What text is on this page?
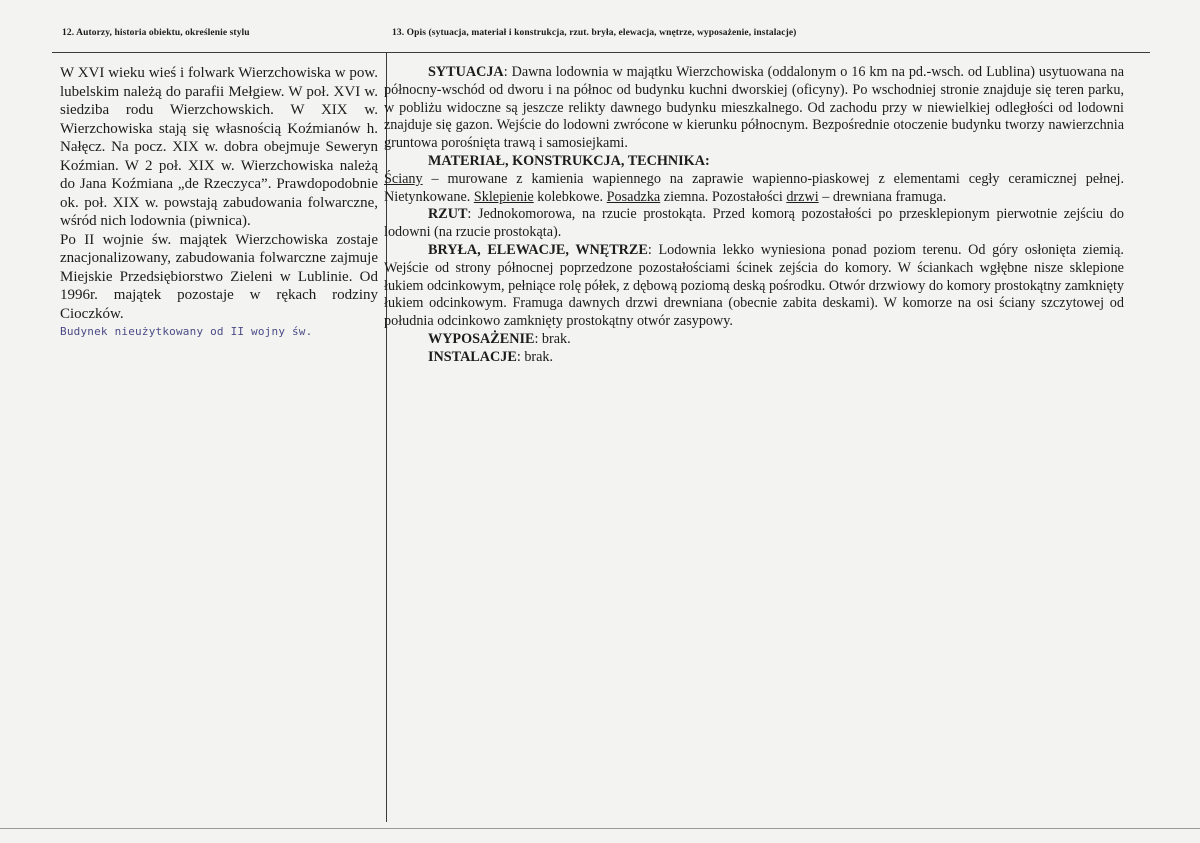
12. Autorzy, historia obiektu, określenie stylu	13. Opis (sytuacja, materiał i konstrukcja, rzut. bryła, elewacja, wnętrze, wyposażenie, instalacje)

W XVI wieku wieś i folwark Wierzchowiska w pow. lubelskim należą do parafii Mełgiew. W poł. XVI w. siedziba rodu Wierzchowskich. W XIX w. Wierzchowiska stają się własnością Koźmianów h. Nałęcz. Na pocz. XIX w. dobra obejmuje Seweryn Koźmian. W 2 poł. XIX w. Wierzchowiska należą do Jana Koźmiana „de Rzeczyca”. Prawdopodobnie ok. poł. XIX w. powstają zabudowania folwarczne, wśród nich lodownia (piwnica).

Po II wojnie św. majątek Wierzchowiska zostaje znacjonalizowany, zabudowania folwarczne zajmuje Miejskie Przedsiębiorstwo Zieleni w Lublinie. Od 1996r. majątek pozostaje w rękach rodziny Cioczków.

Budynek nieużytkowany od II wojny św.

SYTUACJA: Dawna lodownia w majątku Wierzchowiska (oddalonym o 16 km na pd.-wsch. od Lublina) usytuowana na północny-wschód od dworu i na północ od budynku kuchni dworskiej (oficyny). Po wschodniej stronie znajduje się teren parku, w pobliżu widoczne są jeszcze relikty dawnego budynku mieszkalnego. Od zachodu przy w niewielkiej odległości od lodowni znajduje się gazon. Wejście do lodowni zwrócone w kierunku północnym. Bezpośrednie otoczenie budynku tworzy nawierzchnia gruntowa porośnięta trawą i samosiejkami.

MATERIAŁ, KONSTRUKCJA, TECHNIKA:

Ściany – murowane z kamienia wapiennego na zaprawie wapienno-piaskowej z elementami cegły ceramicznej pełnej. Nietynkowane. Sklepienie kolebkowe. Posadzka ziemna. Pozostałości drzwi – drewniana framuga.

RZUT: Jednokomorowa, na rzucie prostokąta. Przed komorą pozostałości po przesklepionym pierwotnie zejściu do lodowni (na rzucie prostokąta).

BRYŁA, ELEWACJE, WNĘTRZE: Lodownia lekko wyniesiona ponad poziom terenu. Od góry osłonięta ziemią. Wejście od strony północnej poprzedzone pozostałościami ścinek zejścia do komory. W ściankach wgłębne nisze sklepione łukiem odcinkowym, pełniące rolę półek, z dębową poziomą deską pośrodku. Otwór drzwiowy do komory prostokątny zamknięty łukiem odcinkowym. Framuga dawnych drzwi drewniana (obecnie zabita deskami). W komorze na osi ściany szczytowej od południa odcinkowo zamknięty prostokątny otwór zasypowy.

WYPOSAŻENIE: brak.

INSTALACJE: brak.
